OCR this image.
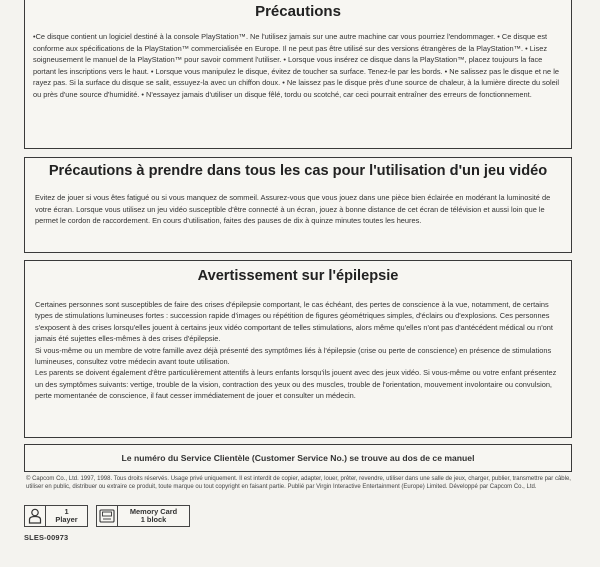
Précautions

•Ce disque contient un logiciel destiné à la console PlayStation™. Ne l'utilisez jamais sur une autre machine car vous pourriez l'endommager. • Ce disque est conforme aux spécifications de la PlayStation™ commercialisée en Europe. Il ne peut pas être utilisé sur des versions étrangères de la PlayStation™. • Lisez soigneusement le manuel de la PlayStation™ pour savoir comment l'utiliser. • Lorsque vous insérez ce disque dans la PlayStation™, placez toujours la face portant les inscriptions vers le haut. • Lorsque vous manipulez le disque, évitez de toucher sa surface. Tenez-le par les bords. • Ne salissez pas le disque et ne le rayez pas. Si la surface du disque se salit, essuyez-la avec un chiffon doux. • Ne laissez pas le disque près d'une source de chaleur, à la lumière directe du soleil ou près d'une source d'humidité. • N'essayez jamais d'utiliser un disque fêlé, tordu ou scotché, car ceci pourrait entraîner des erreurs de fonctionnement.

Précautions à prendre dans tous les cas pour l'utilisation d'un jeu vidéo

Evitez de jouer si vous êtes fatigué ou si vous manquez de sommeil. Assurez-vous que vous jouez dans une pièce bien éclairée en modérant la luminosité de votre écran. Lorsque vous utilisez un jeu vidéo susceptible d'être connecté à un écran, jouez à bonne distance de cet écran de télévision et aussi loin que le permet le cordon de raccordement. En cours d'utilisation, faites des pauses de dix à quinze minutes toutes les heures.

Avertissement sur l'épilepsie

Certaines personnes sont susceptibles de faire des crises d'épilepsie comportant, le cas échéant, des pertes de conscience à la vue, notamment, de certains types de stimulations lumineuses fortes : succession rapide d'images ou répétition de figures géométriques simples, d'éclairs ou d'explosions. Ces personnes s'exposent à des crises lorsqu'elles jouent à certains jeux vidéo comportant de telles stimulations, alors même qu'elles n'ont pas d'antécédent médical ou n'ont jamais été sujettes elles-mêmes à des crises d'épilepsie.
Si vous-même ou un membre de votre famille avez déjà présenté des symptômes liés à l'épilepsie (crise ou perte de conscience) en présence de stimulations lumineuses, consultez votre médecin avant toute utilisation.
Les parents se doivent également d'être particulièrement attentifs à leurs enfants lorsqu'ils jouent avec des jeux vidéo. Si vous-même ou votre enfant présentez un des symptômes suivants: vertige, trouble de la vision, contraction des yeux ou des muscles, trouble de l'orientation, mouvement involontaire ou convulsion, perte momentanée de conscience, il faut cesser immédiatement de jouer et consulter un médecin.

Le numéro du Service Clientèle (Customer Service No.) se trouve au dos de ce manuel

© Capcom Co., Ltd. 1997, 1998. Tous droits réservés. Usage privé uniquement. Il est interdit de copier, adapter, louer, prêter, revendre, utiliser dans une salle de jeux, charger, publier, transmettre par câble, utiliser en public, distribuer ou extraire ce produit, toute marque ou tout copyright en faisant partie. Publié par Virgin Interactive Entertainment (Europe) Limited. Développé par Capcom Co., Ltd.

1
Player
Memory Card
1 block

SLES-00973
